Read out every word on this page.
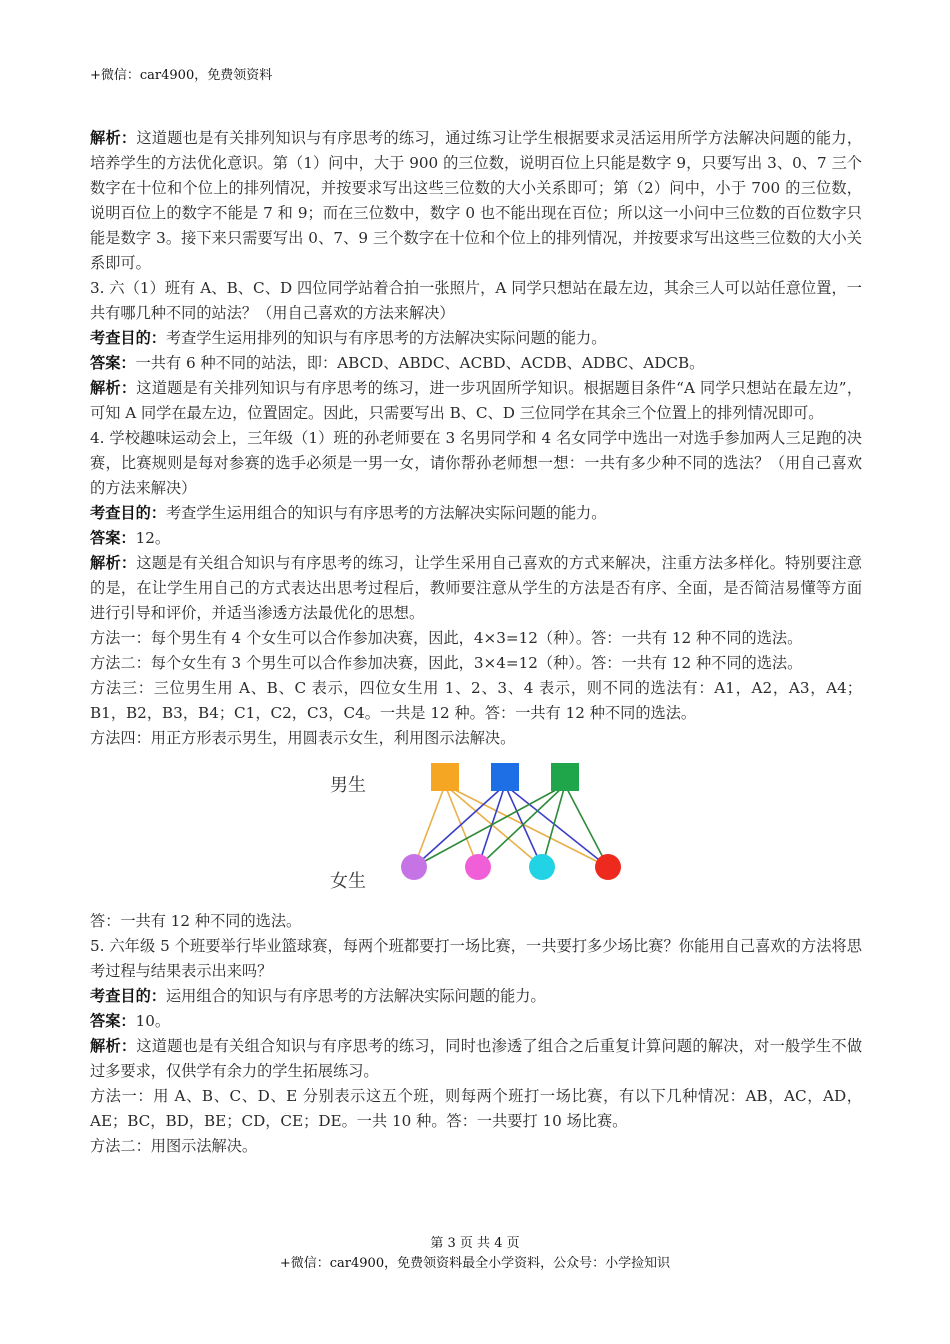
+微信：car4900，免费领资料

解析：这道题也是有关排列知识与有序思考的练习，通过练习让学生根据要求灵活运用所学方法解决问题的能力，培养学生的方法优化意识。第（1）问中，大于 900 的三位数，说明百位上只能是数字 9，只要写出 3、0、7 三个数字在十位和个位上的排列情况，并按要求写出这些三位数的大小关系即可；第（2）问中，小于 700 的三位数，说明百位上的数字不能是 7 和 9；而在三位数中，数字 0 也不能出现在百位；所以这一小问中三位数的百位数字只能是数字 3。接下来只需要写出 0、7、9 三个数字在十位和个位上的排列情况，并按要求写出这些三位数的大小关系即可。

3. 六（1）班有 A、B、C、D 四位同学站着合拍一张照片，A 同学只想站在最左边，其余三人可以站任意位置，一共有哪几种不同的站法？（用自己喜欢的方法来解决）

考查目的：考查学生运用排列的知识与有序思考的方法解决实际问题的能力。

答案：一共有 6 种不同的站法，即：ABCD、ABDC、ACBD、ACDB、ADBC、ADCB。

解析：这道题是有关排列知识与有序思考的练习，进一步巩固所学知识。根据题目条件“A 同学只想站在最左边”，可知 A 同学在最左边，位置固定。因此，只需要写出 B、C、D 三位同学在其余三个位置上的排列情况即可。

4. 学校趣味运动会上，三年级（1）班的孙老师要在 3 名男同学和 4 名女同学中选出一对选手参加两人三足跑的决赛，比赛规则是每对参赛的选手必须是一男一女，请你帮孙老师想一想：一共有多少种不同的选法？（用自己喜欢的方法来解决）

考查目的：考查学生运用组合的知识与有序思考的方法解决实际问题的能力。

答案：12。

解析：这题是有关组合知识与有序思考的练习，让学生采用自己喜欢的方式来解决，注重方法多样化。特别要注意的是，在让学生用自己的方式表达出思考过程后，教师要注意从学生的方法是否有序、全面，是否简洁易懂等方面进行引导和评价，并适当渗透方法最优化的思想。

方法一：每个男生有 4 个女生可以合作参加决赛，因此，4×3=12（种）。答：一共有 12 种不同的选法。

方法二：每个女生有 3 个男生可以合作参加决赛，因此，3×4=12（种）。答：一共有 12 种不同的选法。

方法三：三位男生用 A、B、C 表示，四位女生用 1、2、3、4 表示，则不同的选法有：A1，A2，A3，A4；B1，B2，B3，B4；C1，C2，C3，C4。一共是 12 种。答：一共有 12 种不同的选法。

方法四：用正方形表示男生，用圆表示女生，利用图示法解决。

男生
女生

答：一共有 12 种不同的选法。

5. 六年级 5 个班要举行毕业篮球赛，每两个班都要打一场比赛，一共要打多少场比赛？你能用自己喜欢的方法将思考过程与结果表示出来吗？

考查目的：运用组合的知识与有序思考的方法解决实际问题的能力。

答案：10。

解析：这道题也是有关组合知识与有序思考的练习，同时也渗透了组合之后重复计算问题的解决，对一般学生不做过多要求，仅供学有余力的学生拓展练习。

方法一：用 A、B、C、D、E 分别表示这五个班，则每两个班打一场比赛，有以下几种情况：AB，AC，AD，AE；BC，BD，BE；CD，CE；DE。一共 10 种。答：一共要打 10 场比赛。

方法二：用图示法解决。

第 3 页 共 4 页
+微信：car4900，免费领资料最全小学资料，公众号：小学捡知识
